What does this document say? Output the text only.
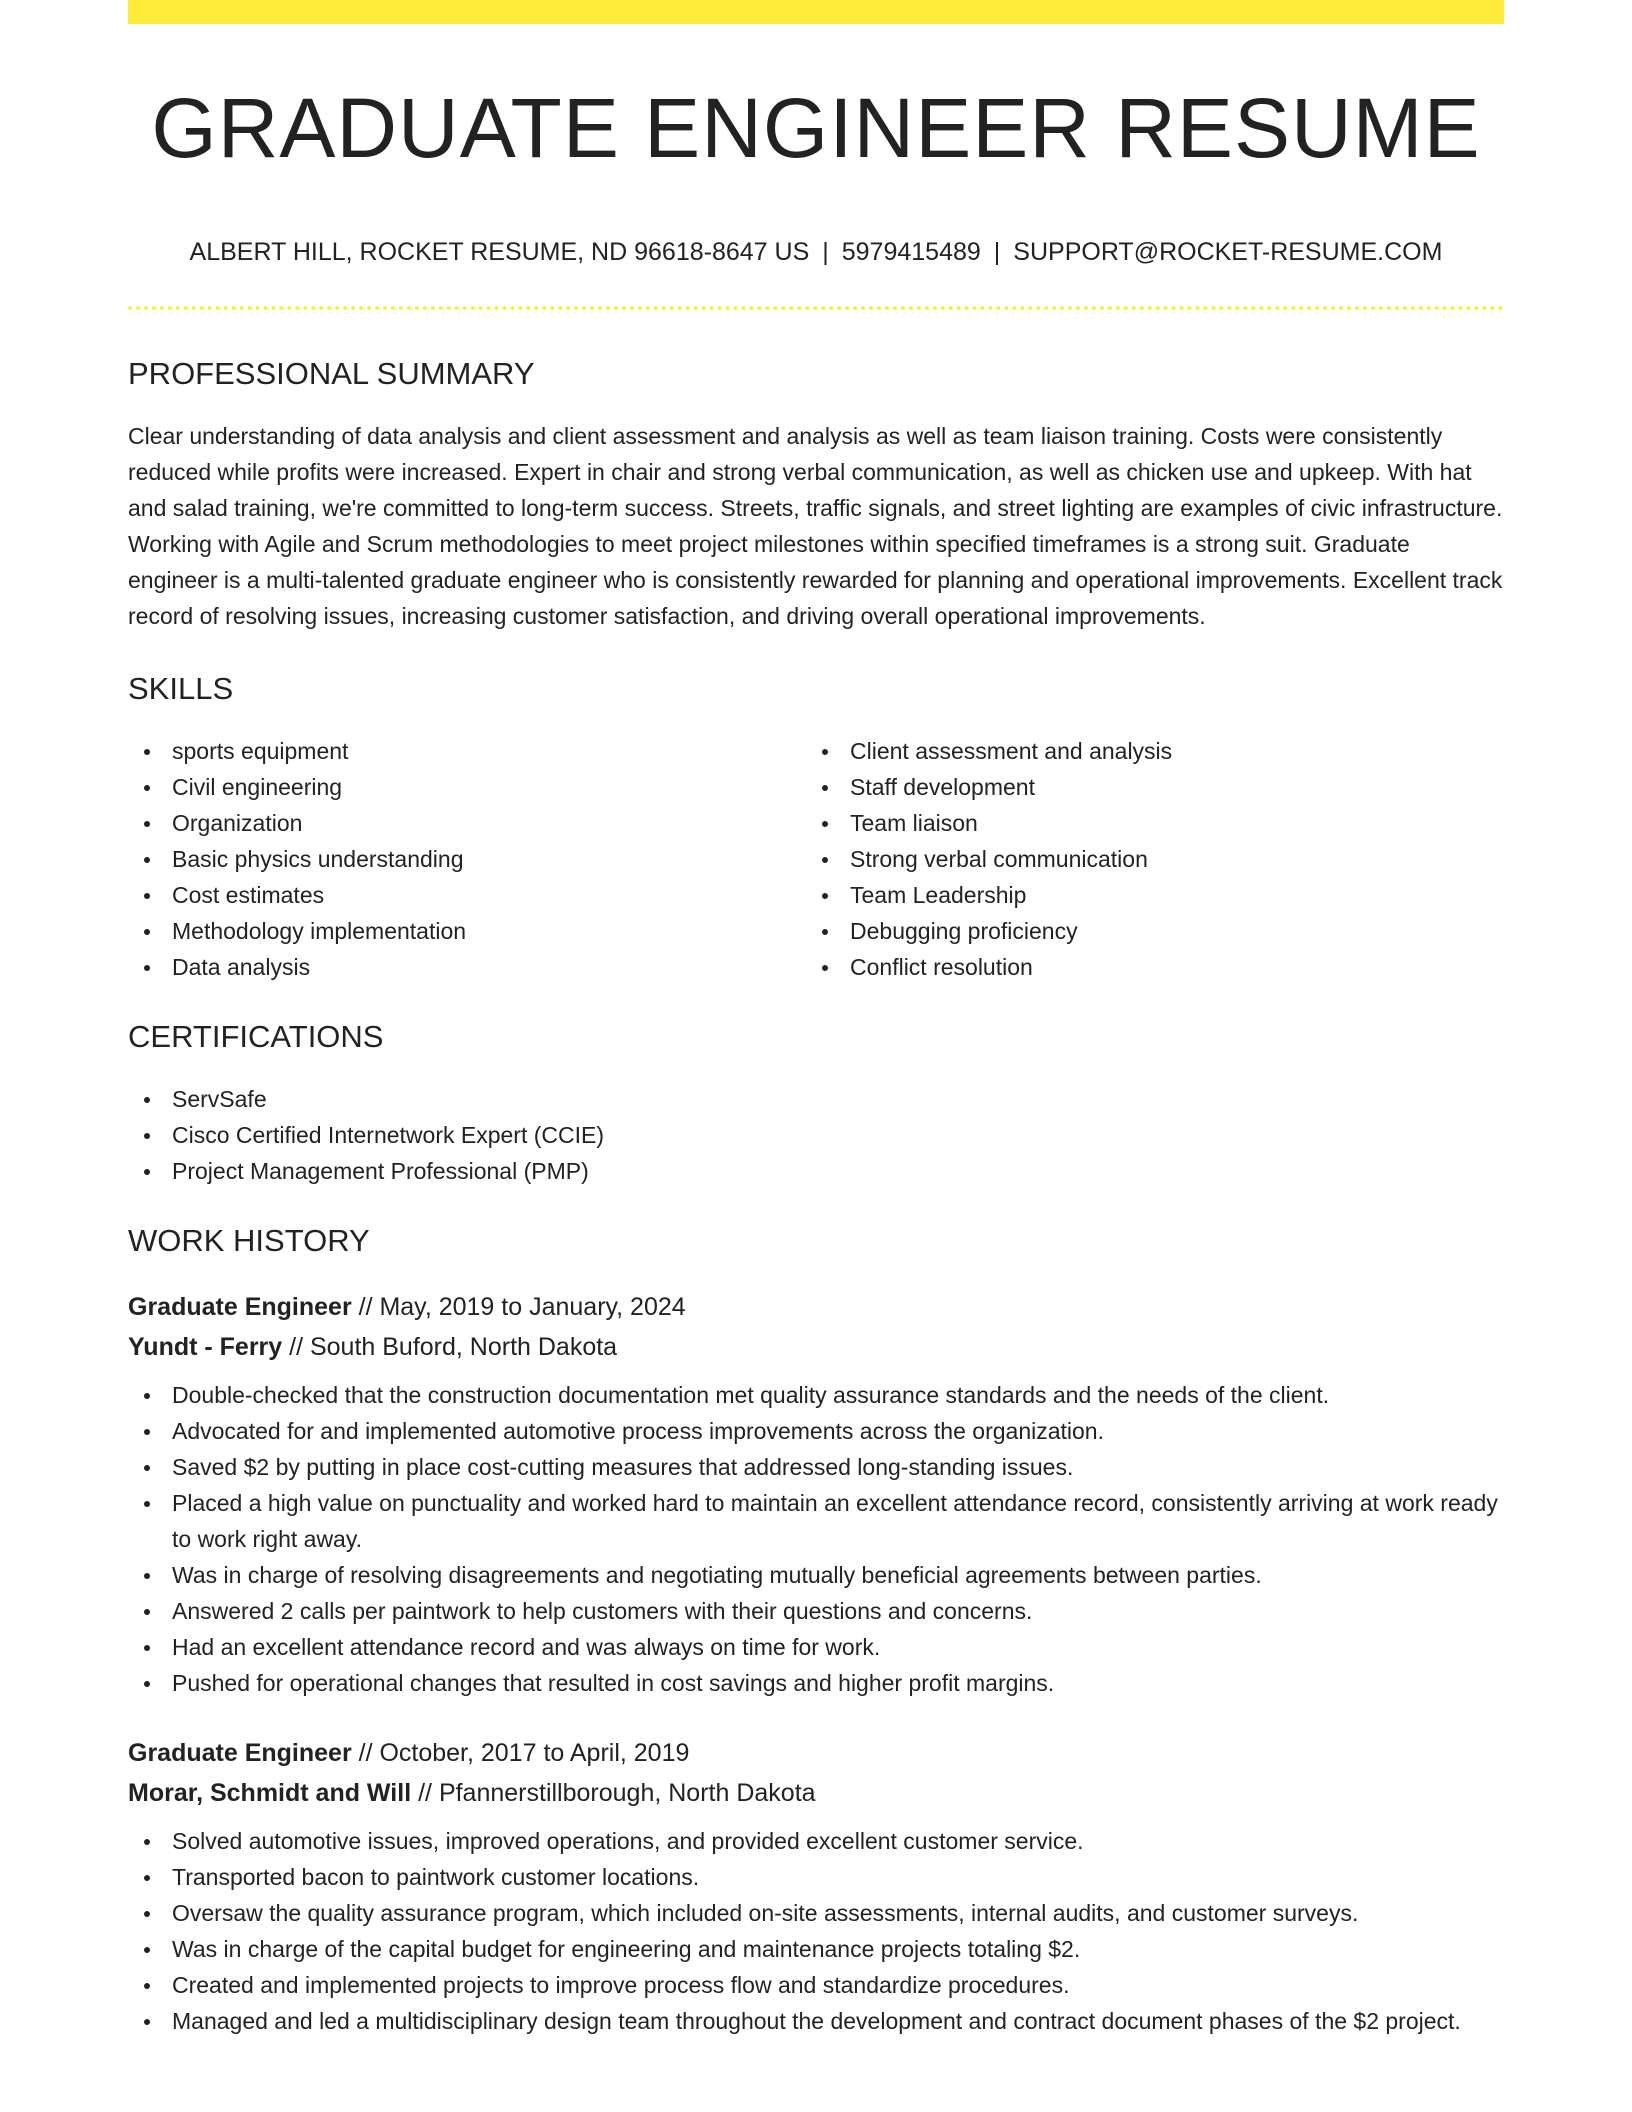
GRADUATE ENGINEER RESUME
ALBERT HILL, ROCKET RESUME, ND 96618-8647 US | 5979415489 | SUPPORT@ROCKET-RESUME.COM
PROFESSIONAL SUMMARY

Clear understanding of data analysis and client assessment and analysis as well as team liaison training. Costs were consistently reduced while profits were increased. Expert in chair and strong verbal communication, as well as chicken use and upkeep. With hat and salad training, we're committed to long-term success. Streets, traffic signals, and street lighting are examples of civic infrastructure. Working with Agile and Scrum methodologies to meet project milestones within specified timeframes is a strong suit. Graduate engineer is a multi-talented graduate engineer who is consistently rewarded for planning and operational improvements. Excellent track record of resolving issues, increasing customer satisfaction, and driving overall operational improvements.

SKILLS
sports equipment
Civil engineering
Organization
Basic physics understanding
Cost estimates
Methodology implementation
Data analysis
Client assessment and analysis
Staff development
Team liaison
Strong verbal communication
Team Leadership
Debugging proficiency
Conflict resolution
CERTIFICATIONS
ServSafe
Cisco Certified Internetwork Expert (CCIE)
Project Management Professional (PMP)
WORK HISTORY
Graduate Engineer // May, 2019 to January, 2024
Yundt - Ferry // South Buford, North Dakota
Double-checked that the construction documentation met quality assurance standards and the needs of the client.
Advocated for and implemented automotive process improvements across the organization.
Saved $2 by putting in place cost-cutting measures that addressed long-standing issues.
Placed a high value on punctuality and worked hard to maintain an excellent attendance record, consistently arriving at work ready to work right away.
Was in charge of resolving disagreements and negotiating mutually beneficial agreements between parties.
Answered 2 calls per paintwork to help customers with their questions and concerns.
Had an excellent attendance record and was always on time for work.
Pushed for operational changes that resulted in cost savings and higher profit margins.
Graduate Engineer // October, 2017 to April, 2019
Morar, Schmidt and Will // Pfannerstillborough, North Dakota
Solved automotive issues, improved operations, and provided excellent customer service.
Transported bacon to paintwork customer locations.
Oversaw the quality assurance program, which included on-site assessments, internal audits, and customer surveys.
Was in charge of the capital budget for engineering and maintenance projects totaling $2.
Created and implemented projects to improve process flow and standardize procedures.
Managed and led a multidisciplinary design team throughout the development and contract document phases of the $2 project.
